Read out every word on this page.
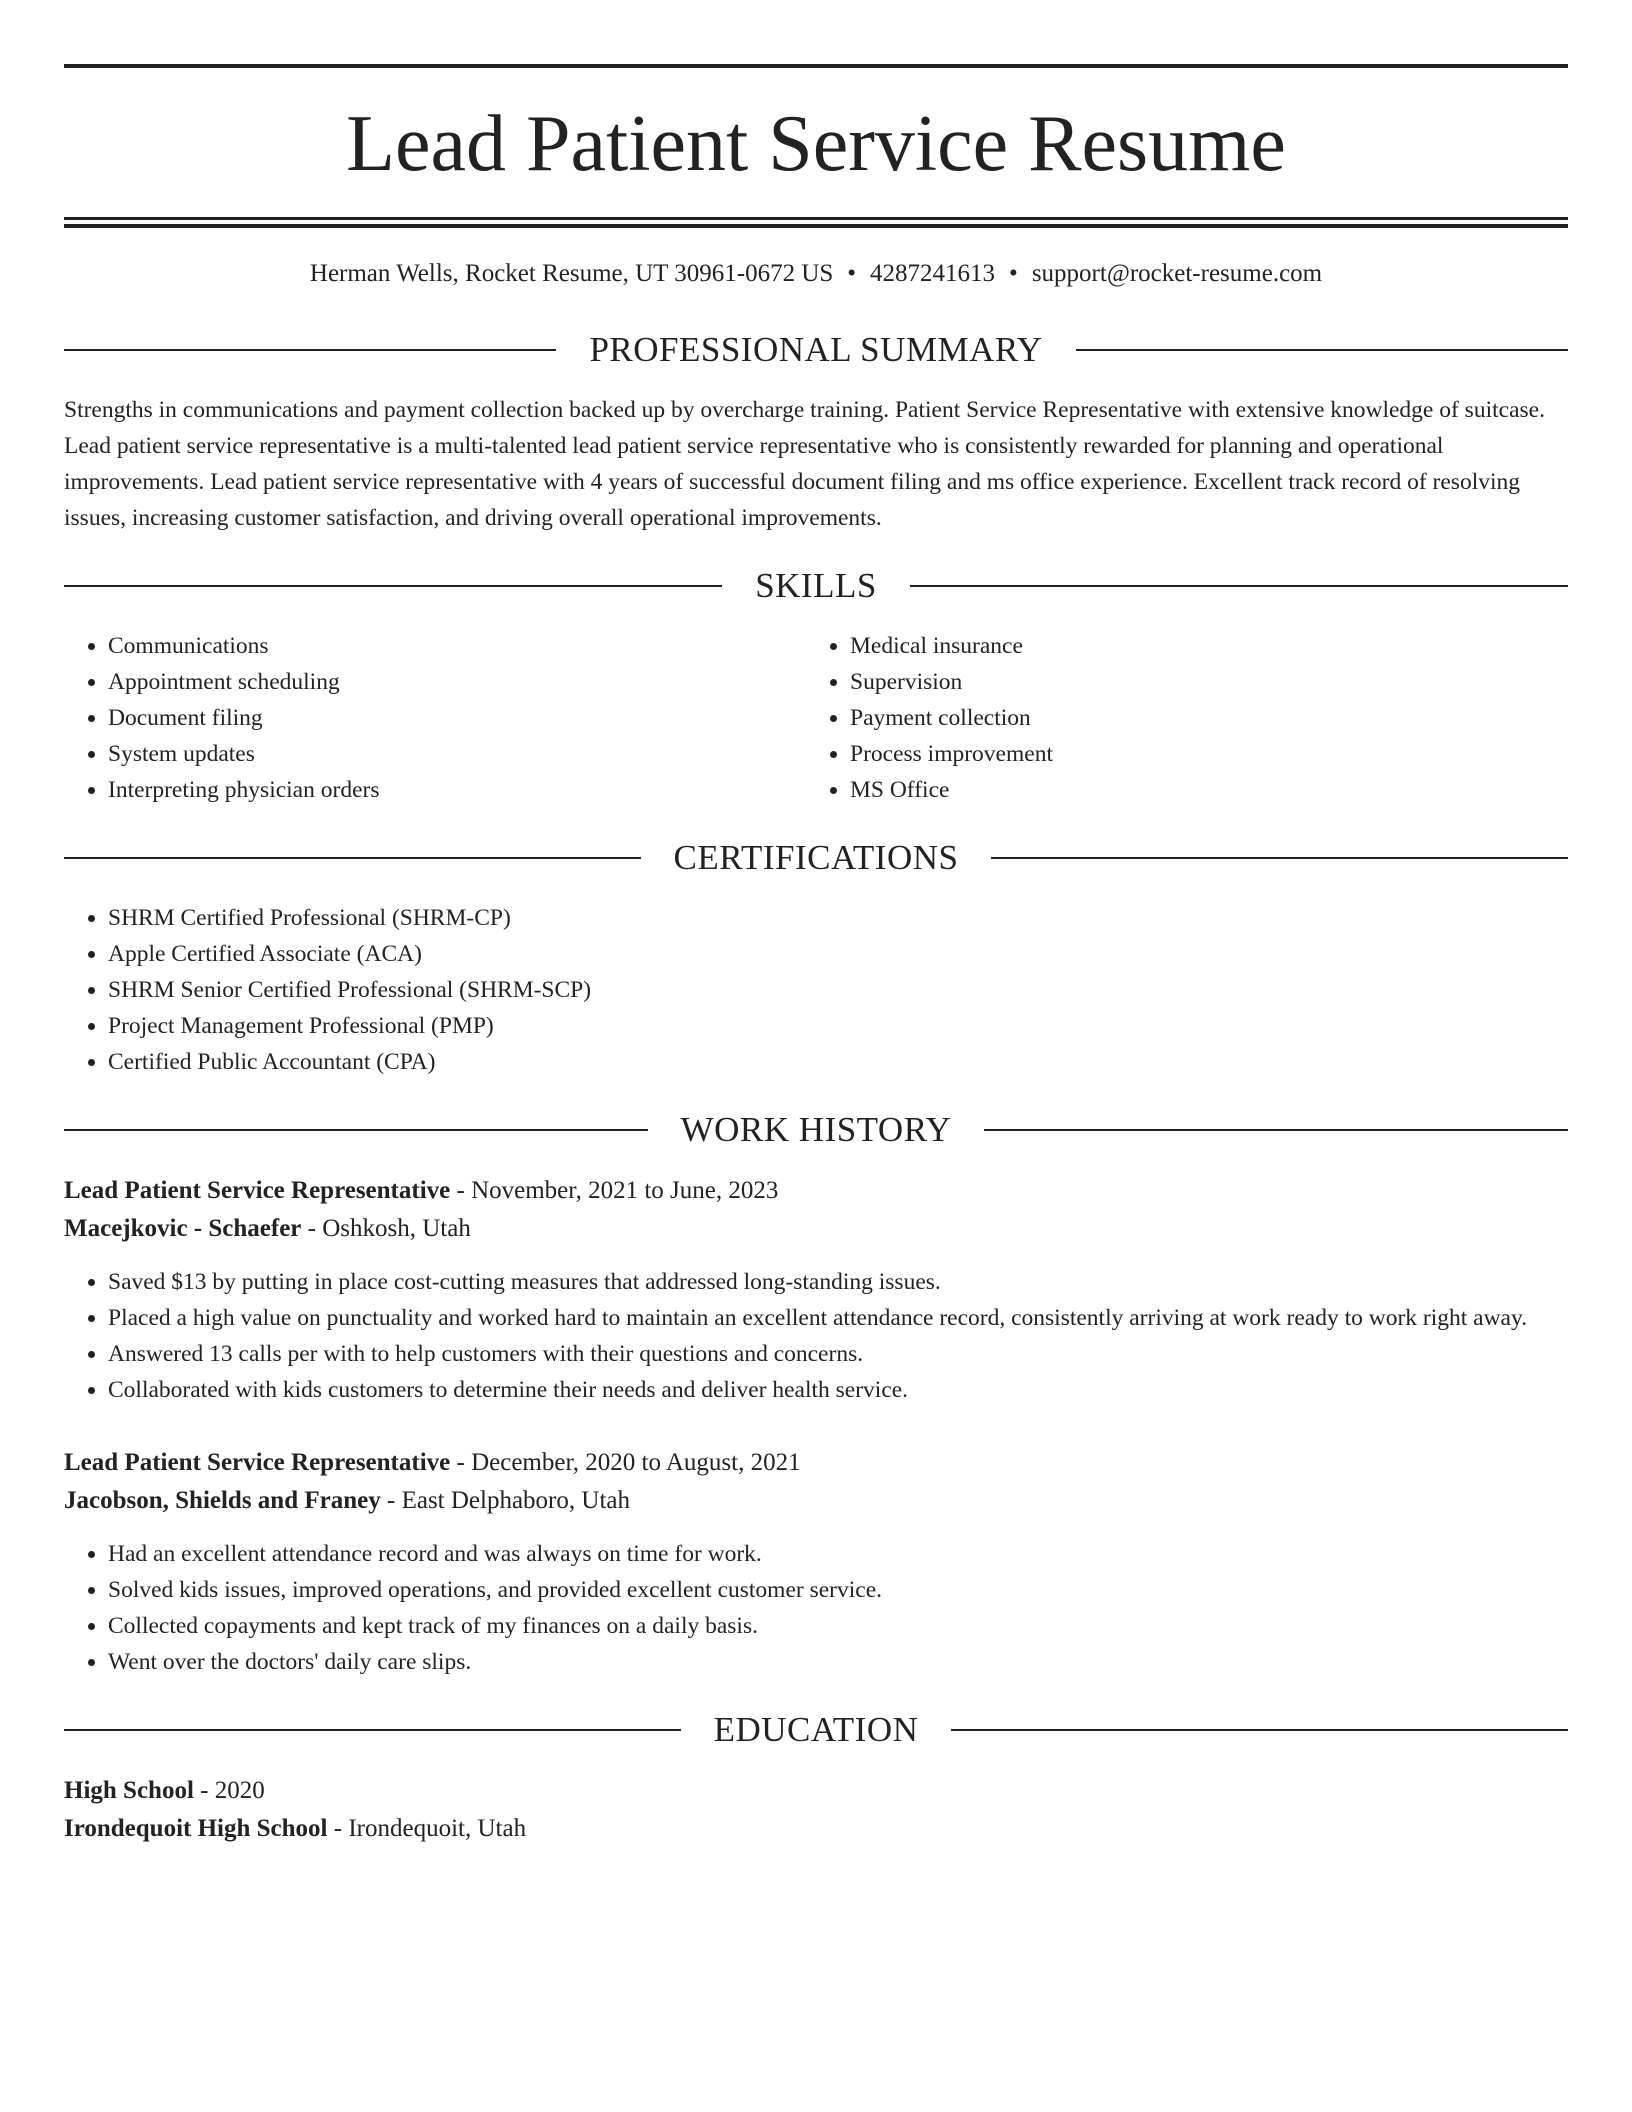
Lead Patient Service Resume
Herman Wells, Rocket Resume, UT 30961-0672 US • 4287241613 • support@rocket-resume.com
PROFESSIONAL SUMMARY
Strengths in communications and payment collection backed up by overcharge training. Patient Service Representative with extensive knowledge of suitcase. Lead patient service representative is a multi-talented lead patient service representative who is consistently rewarded for planning and operational improvements. Lead patient service representative with 4 years of successful document filing and ms office experience. Excellent track record of resolving issues, increasing customer satisfaction, and driving overall operational improvements.
SKILLS
• Communications
• Appointment scheduling
• Document filing
• System updates
• Interpreting physician orders
• Medical insurance
• Supervision
• Payment collection
• Process improvement
• MS Office
CERTIFICATIONS
• SHRM Certified Professional (SHRM-CP)
• Apple Certified Associate (ACA)
• SHRM Senior Certified Professional (SHRM-SCP)
• Project Management Professional (PMP)
• Certified Public Accountant (CPA)
WORK HISTORY
Lead Patient Service Representative - November, 2021 to June, 2023
Macejkovic - Schaefer - Oshkosh, Utah
• Saved $13 by putting in place cost-cutting measures that addressed long-standing issues.
• Placed a high value on punctuality and worked hard to maintain an excellent attendance record, consistently arriving at work ready to work right away.
• Answered 13 calls per with to help customers with their questions and concerns.
• Collaborated with kids customers to determine their needs and deliver health service.
Lead Patient Service Representative - December, 2020 to August, 2021
Jacobson, Shields and Franey - East Delphaboro, Utah
• Had an excellent attendance record and was always on time for work.
• Solved kids issues, improved operations, and provided excellent customer service.
• Collected copayments and kept track of my finances on a daily basis.
• Went over the doctors' daily care slips.
EDUCATION
High School - 2020
Irondequoit High School - Irondequoit, Utah
